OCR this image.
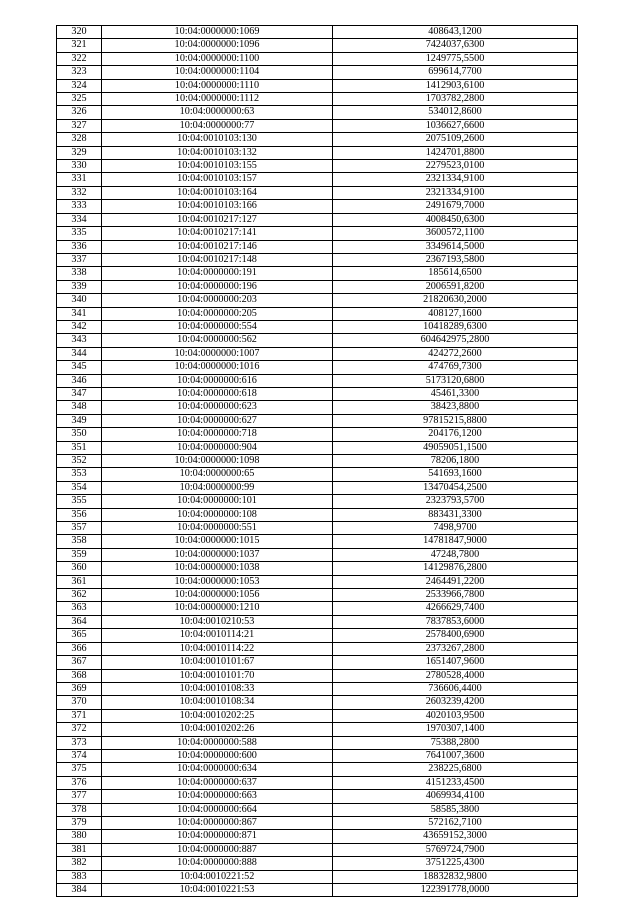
320	10:04:0000000:1069	408643,1200
321	10:04:0000000:1096	7424037,6300
322	10:04:0000000:1100	1249775,5500
323	10:04:0000000:1104	699614,7700
324	10:04:0000000:1110	1412903,6100
325	10:04:0000000:1112	1703782,2800
326	10:04:0000000:63	534012,8600
327	10:04:0000000:77	1036627,6600
328	10:04:0010103:130	2075109,2600
329	10:04:0010103:132	1424701,8800
330	10:04:0010103:155	2279523,0100
331	10:04:0010103:157	2321334,9100
332	10:04:0010103:164	2321334,9100
333	10:04:0010103:166	2491679,7000
334	10:04:0010217:127	4008450,6300
335	10:04:0010217:141	3600572,1100
336	10:04:0010217:146	3349614,5000
337	10:04:0010217:148	2367193,5800
338	10:04:0000000:191	185614,6500
339	10:04:0000000:196	2006591,8200
340	10:04:0000000:203	21820630,2000
341	10:04:0000000:205	408127,1600
342	10:04:0000000:554	10418289,6300
343	10:04:0000000:562	604642975,2800
344	10:04:0000000:1007	424272,2600
345	10:04:0000000:1016	474769,7300
346	10:04:0000000:616	5173120,6800
347	10:04:0000000:618	45461,3300
348	10:04:0000000:623	38423,8800
349	10:04:0000000:627	97815215,8800
350	10:04:0000000:718	204176,1200
351	10:04:0000000:904	49059051,1500
352	10:04:0000000:1098	78206,1800
353	10:04:0000000:65	541693,1600
354	10:04:0000000:99	13470454,2500
355	10:04:0000000:101	2323793,5700
356	10:04:0000000:108	883431,3300
357	10:04:0000000:551	7498,9700
358	10:04:0000000:1015	14781847,9000
359	10:04:0000000:1037	47248,7800
360	10:04:0000000:1038	14129876,2800
361	10:04:0000000:1053	2464491,2200
362	10:04:0000000:1056	2533966,7800
363	10:04:0000000:1210	4266629,7400
364	10:04:0010210:53	7837853,6000
365	10:04:0010114:21	2578400,6900
366	10:04:0010114:22	2373267,2800
367	10:04:0010101:67	1651407,9600
368	10:04:0010101:70	2780528,4000
369	10:04:0010108:33	736606,4400
370	10:04:0010108:34	2603239,4200
371	10:04:0010202:25	4020103,9500
372	10:04:0010202:26	1970307,1400
373	10:04:0000000:588	75388,2800
374	10:04:0000000:600	7641007,3600
375	10:04:0000000:634	238225,6800
376	10:04:0000000:637	4151233,4500
377	10:04:0000000:663	4069934,4100
378	10:04:0000000:664	58585,3800
379	10:04:0000000:867	572162,7100
380	10:04:0000000:871	43659152,3000
381	10:04:0000000:887	5769724,7900
382	10:04:0000000:888	3751225,4300
383	10:04:0010221:52	18832832,9800
384	10:04:0010221:53	122391778,0000
